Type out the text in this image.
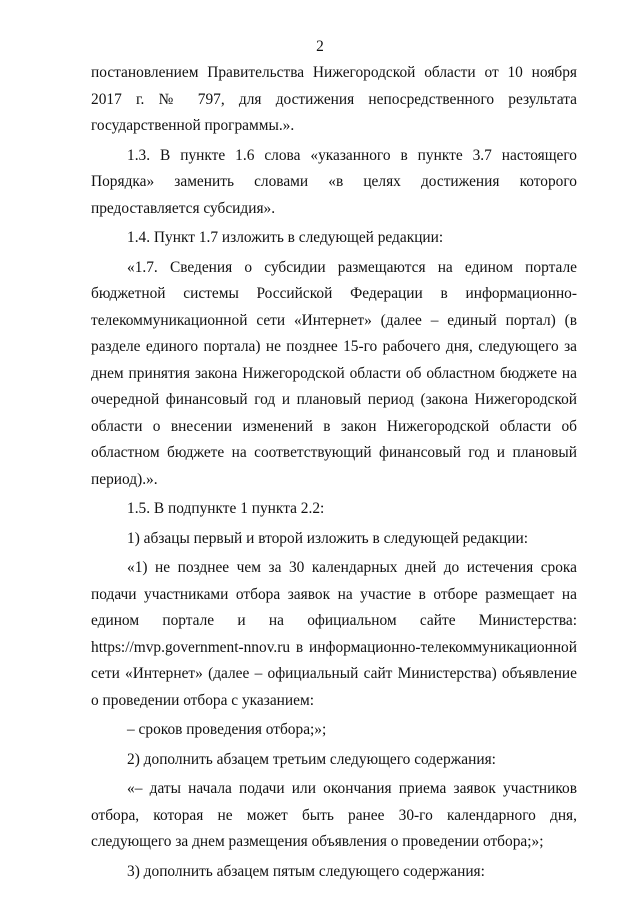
2

постановлением Правительства Нижегородской области от 10 ноября 2017 г. № 797, для достижения непосредственного результата государственной программы.».

1.3. В пункте 1.6 слова «указанного в пункте 3.7 настоящего Порядка» заменить словами «в целях достижения которого предоставляется субсидия».

1.4. Пункт 1.7 изложить в следующей редакции:

«1.7. Сведения о субсидии размещаются на едином портале бюджетной системы Российской Федерации в информационно-телекоммуникационной сети «Интернет» (далее – единый портал) (в разделе единого портала) не позднее 15-го рабочего дня, следующего за днем принятия закона Нижегородской области об областном бюджете на очередной финансовый год и плановый период (закона Нижегородской области о внесении изменений в закон Нижегородской области об областном бюджете на соответствующий финансовый год и плановый период).».

1.5. В подпункте 1 пункта 2.2:

1) абзацы первый и второй изложить в следующей редакции:

«1) не позднее чем за 30 календарных дней до истечения срока подачи участниками отбора заявок на участие в отборе размещает на едином портале и на официальном сайте Министерства: https://mvp.government-nnov.ru в информационно-телекоммуникационной сети «Интернет» (далее – официальный сайт Министерства) объявление о проведении отбора с указанием:

– сроков проведения отбора;»;

2) дополнить абзацем третьим следующего содержания:

«– даты начала подачи или окончания приема заявок участников отбора, которая не может быть ранее 30-го календарного дня, следующего за днем размещения объявления о проведении отбора;»;

3) дополнить абзацем пятым следующего содержания:
